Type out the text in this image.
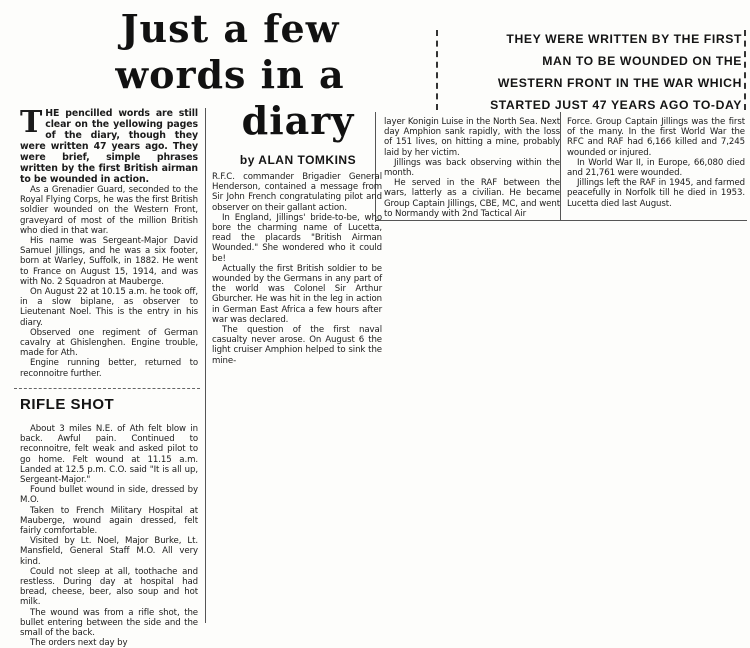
Just a few
words in a
diary
by ALAN TOMKINS
THEY WERE WRITTEN BY THE FIRST
MAN TO BE WOUNDED ON THE
WESTERN FRONT IN THE WAR WHICH
STARTED JUST 47 YEARS AGO TO-DAY

THE pencilled words are still clear on the yellowing pages of the diary, though they were written 47 years ago. They were brief, simple phrases written by the first British airman to be wounded in action.

As a Grenadier Guard, seconded to the Royal Flying Corps, he was the first British soldier wounded on the Western Front, graveyard of most of the million British who died in that war.

His name was Sergeant-Major David Samuel Jillings, and he was a six footer, born at Warley, Suffolk, in 1882. He went to France on August 15, 1914, and was with No. 2 Squadron at Mauberge.

On August 22 at 10.15 a.m. he took off, in a slow biplane, as observer to Lieutenant Noel. This is the entry in his diary.

Observed one regiment of German cavalry at Ghislenghen. Engine trouble, made for Ath.

Engine running better, returned to reconnoitre further.

RIFLE SHOT

About 3 miles N.E. of Ath felt blow in back. Awful pain. Continued to reconnoitre, felt weak and asked pilot to go home. Felt wound at 11.15 a.m. Landed at 12.5 p.m. C.O. said "It is all up, Sergeant-Major."

Found bullet wound in side, dressed by M.O.

Taken to French Military Hospital at Mauberge, wound again dressed, felt fairly comfortable.

Visited by Lt. Noel, Major Burke, Lt. Mansfield, General Staff M.O. All very kind.

Could not sleep at all, toothache and restless. During day at hospital had bread, cheese, beer, also soup and hot milk.

The wound was from a rifle shot, the bullet entering between the side and the small of the back.

The orders next day by

R.F.C. commander Brigadier General Henderson, contained a message from Sir John French congratulating pilot and observer on their gallant action.

In England, Jillings' bride-to-be, who bore the charming name of Lucetta, read the placards "British Airman Wounded." She wondered who it could be!

Actually the first British soldier to be wounded by the Germans in any part of the world was Colonel Sir Arthur Gburcher. He was hit in the leg in action in German East Africa a few hours after war was declared.

The question of the first naval casualty never arose. On August 6 the light cruiser Amphion helped to sink the mine-

layer Konigin Luise in the North Sea. Next day Amphion sank rapidly, with the loss of 151 lives, on hitting a mine, probably laid by her victim.

Jillings was back observing within the month.

He served in the RAF between the wars, latterly as a civilian. He became Group Captain Jillings, CBE, MC, and went to Normandy with 2nd Tactical Air

Force. Group Captain Jillings was the first of the many. In the first World War the RFC and RAF had 6,166 killed and 7,245 wounded or injured.

In World War II, in Europe, 66,080 died and 21,761 were wounded.

Jillings left the RAF in 1945, and farmed peacefully in Norfolk till he died in 1953. Lucetta died last August.
